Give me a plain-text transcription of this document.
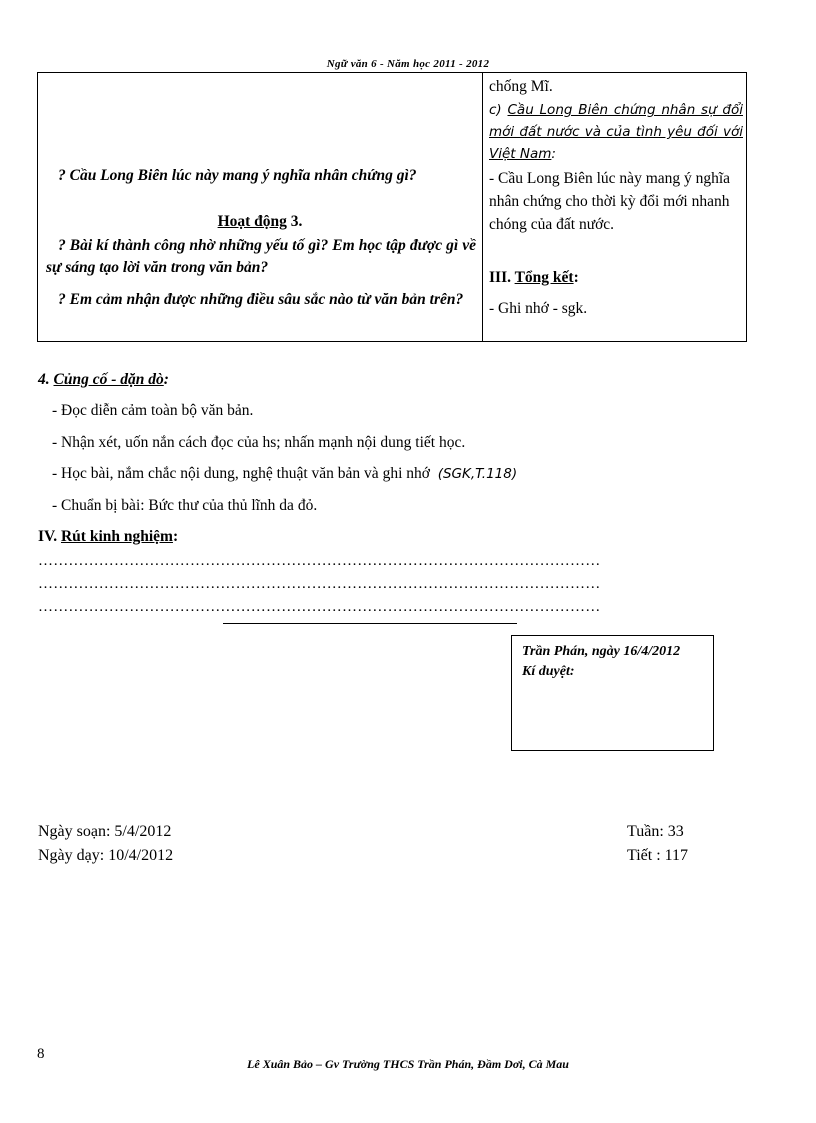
Ngữ văn 6 - Năm học 2011 - 2012
? Cầu Long Biên lúc này mang ý nghĩa nhân chứng gì?
Hoạt động 3.
? Bài kí thành công nhờ những yếu tố gì? Em học tập được gì về sự sáng tạo lời văn trong văn bản?
? Em cảm nhận được những điều sâu sắc nào từ văn bản trên?

chống Mĩ.
c) Cầu Long Biên chứng nhân sự đổi mới đất nước và của tình yêu đối với Việt Nam:
- Cầu Long Biên lúc này mang ý nghĩa nhân chứng cho thời kỳ đổi mới nhanh chóng của đất nước.
III. Tổng kết:
- Ghi nhớ - sgk.
4. Củng cố - dặn dò:
- Đọc diễn cảm toàn bộ văn bản.
- Nhận xét, uốn nắn cách đọc của hs; nhấn mạnh nội dung tiết học.
- Học bài, nắm chắc nội dung, nghệ thuật văn bản và ghi nhớ (SGK,T.118)
- Chuẩn bị bài: Bức thư của thủ lĩnh da đỏ.
IV. Rút kinh nghiệm:
…………………………………………………………………………………………………
…………………………………………………………………………………………………
…………………………………………………………………………………………………
Trần Phán, ngày 16/4/2012
Kí duyệt:
Ngày soạn: 5/4/2012
Ngày dạy: 10/4/2012
Tuần: 33
Tiết : 117
8
Lê Xuân Bảo – Gv Trường THCS Trần Phán, Đầm Dơi, Cà Mau
